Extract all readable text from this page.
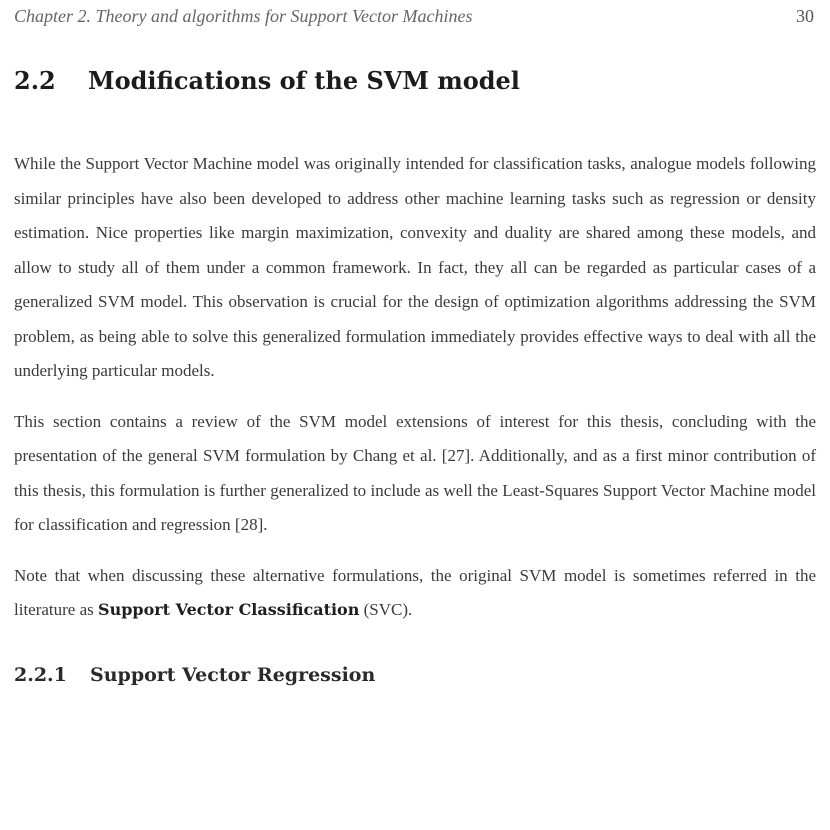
Chapter 2. Theory and algorithms for Support Vector Machines	30
2.2	Modifications of the SVM model

While the Support Vector Machine model was originally intended for classification tasks, analogue models following similar principles have also been developed to address other machine learning tasks such as regression or density estimation. Nice properties like margin maximization, convexity and duality are shared among these models, and allow to study all of them under a common framework. In fact, they all can be regarded as particular cases of a generalized SVM model. This observation is crucial for the design of optimization algorithms addressing the SVM problem, as being able to solve this generalized formulation immediately provides effective ways to deal with all the underlying particular models.

This section contains a review of the SVM model extensions of interest for this thesis, concluding with the presentation of the general SVM formulation by Chang et al. [27]. Additionally, and as a first minor contribution of this thesis, this formulation is further generalized to include as well the Least-Squares Support Vector Machine model for classification and regression [28].

Note that when discussing these alternative formulations, the original SVM model is sometimes referred in the literature as Support Vector Classification (SVC).

2.2.1	Support Vector Regression
